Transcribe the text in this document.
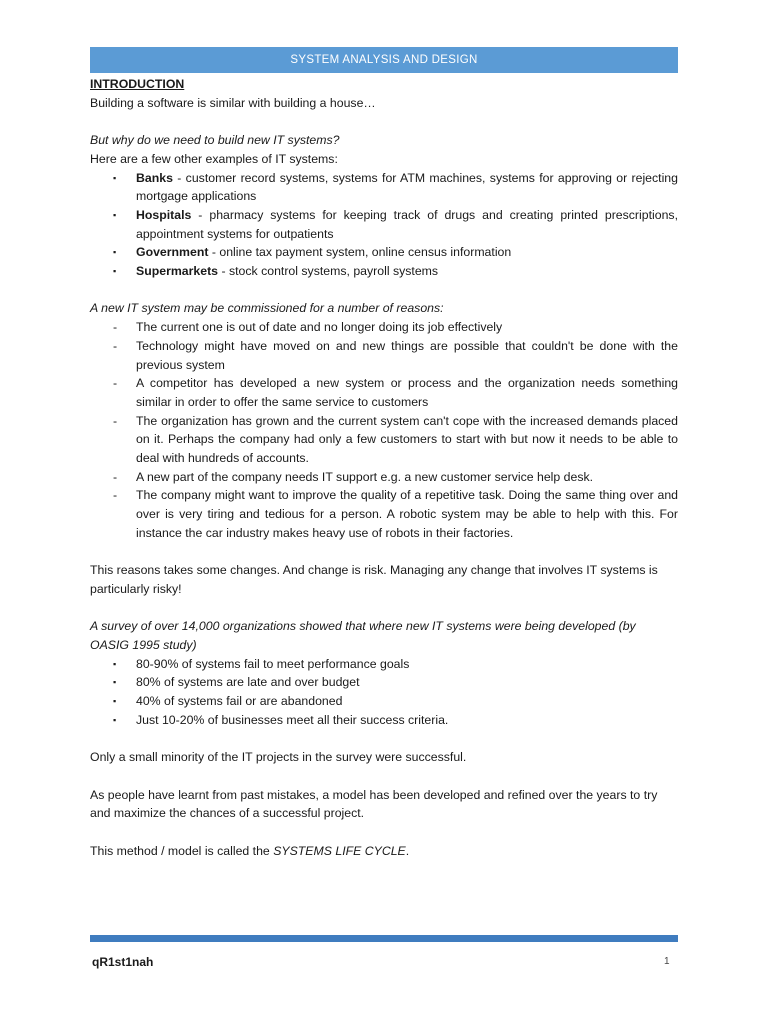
SYSTEM ANALYSIS AND DESIGN

INTRODUCTION

Building a software is similar with building a house…

But why do we need to build new IT systems?

Here are a few other examples of IT systems:

▪ Banks - customer record systems, systems for ATM machines, systems for approving or rejecting mortgage applications
▪ Hospitals - pharmacy systems for keeping track of drugs and creating printed prescriptions, appointment systems for outpatients
▪ Government - online tax payment system, online census information
▪ Supermarkets - stock control systems, payroll systems

A new IT system may be commissioned for a number of reasons:

- The current one is out of date and no longer doing its job effectively
- Technology might have moved on and new things are possible that couldn't be done with the previous system
- A competitor has developed a new system or process and the organization needs something similar in order to offer the same service to customers
- The organization has grown and the current system can't cope with the increased demands placed on it. Perhaps the company had only a few customers to start with but now it needs to be able to deal with hundreds of accounts.
- A new part of the company needs IT support e.g. a new customer service help desk.
- The company might want to improve the quality of a repetitive task. Doing the same thing over and over is very tiring and tedious for a person. A robotic system may be able to help with this. For instance the car industry makes heavy use of robots in their factories.

This reasons takes some changes. And change is risk. Managing any change that involves IT systems is particularly risky!

A survey of over 14,000 organizations showed that where new IT systems were being developed (by OASIG 1995 study)

▪ 80-90% of systems fail to meet performance goals
▪ 80% of systems are late and over budget
▪ 40% of systems fail or are abandoned
▪ Just 10-20% of businesses meet all their success criteria.

Only a small minority of the IT projects in the survey were successful.

As people have learnt from past mistakes, a model has been developed and refined over the years to try and maximize the chances of a successful project.

This method / model is called the SYSTEMS LIFE CYCLE.

qR1st1nah	1
